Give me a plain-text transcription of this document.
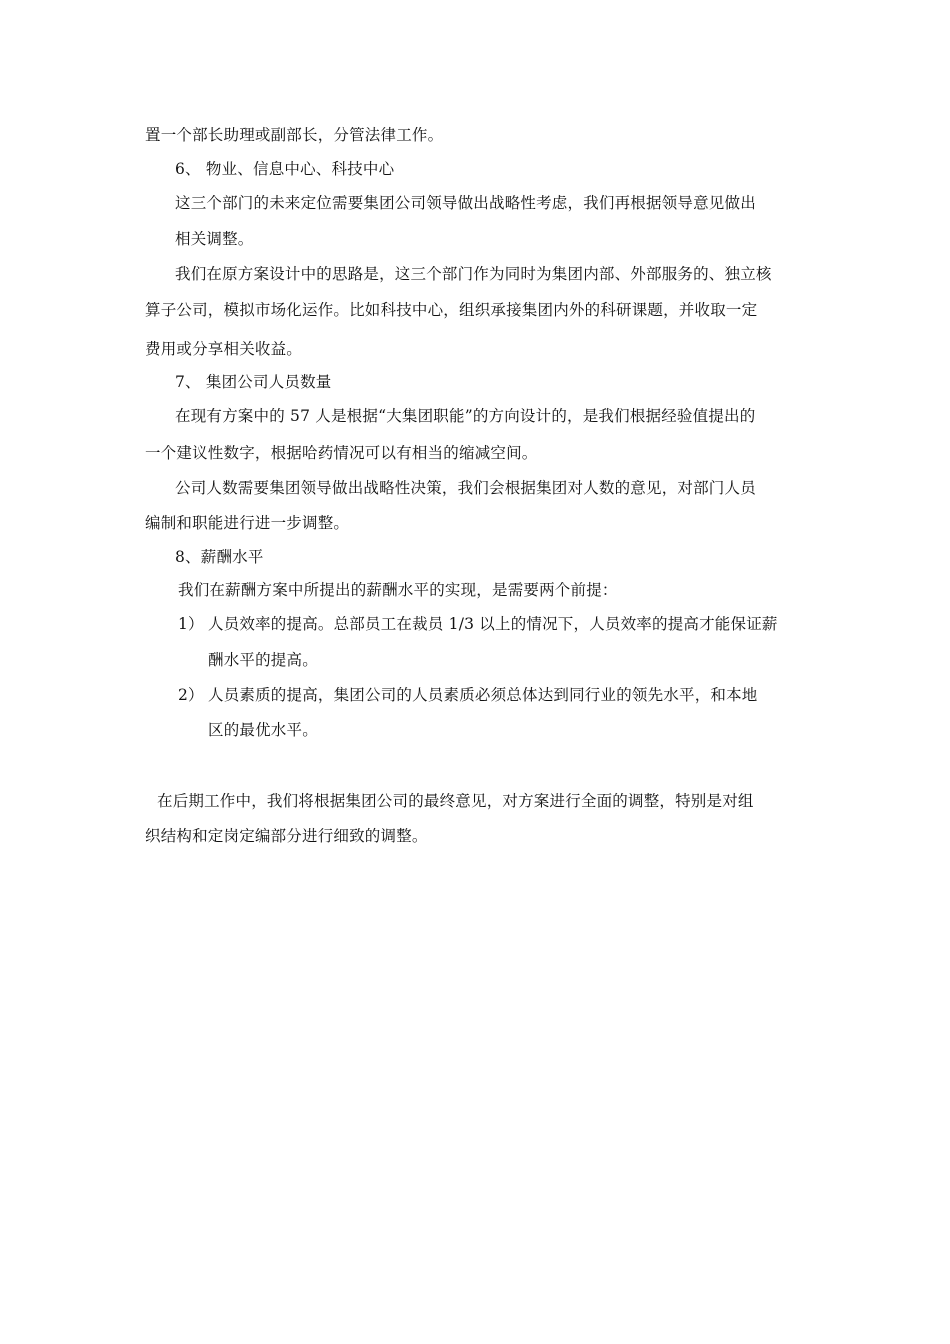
置一个部长助理或副部长，分管法律工作。
6、 物业、信息中心、科技中心
这三个部门的未来定位需要集团公司领导做出战略性考虑，我们再根据领导意见做出
相关调整。
我们在原方案设计中的思路是，这三个部门作为同时为集团内部、外部服务的、独立核
算子公司，模拟市场化运作。比如科技中心，组织承接集团内外的科研课题，并收取一定
费用或分享相关收益。
7、 集团公司人员数量
在现有方案中的 57 人是根据“大集团职能”的方向设计的，是我们根据经验值提出的
一个建议性数字，根据哈药情况可以有相当的缩减空间。
公司人数需要集团领导做出战略性决策，我们会根据集团对人数的意见，对部门人员
编制和职能进行进一步调整。
8、薪酬水平
我们在薪酬方案中所提出的薪酬水平的实现，是需要两个前提：
1） 人员效率的提高。总部员工在裁员 1/3 以上的情况下，人员效率的提高才能保证薪
酬水平的提高。
2） 人员素质的提高，集团公司的人员素质必须总体达到同行业的领先水平，和本地
区的最优水平。
在后期工作中，我们将根据集团公司的最终意见，对方案进行全面的调整，特别是对组
织结构和定岗定编部分进行细致的调整。
